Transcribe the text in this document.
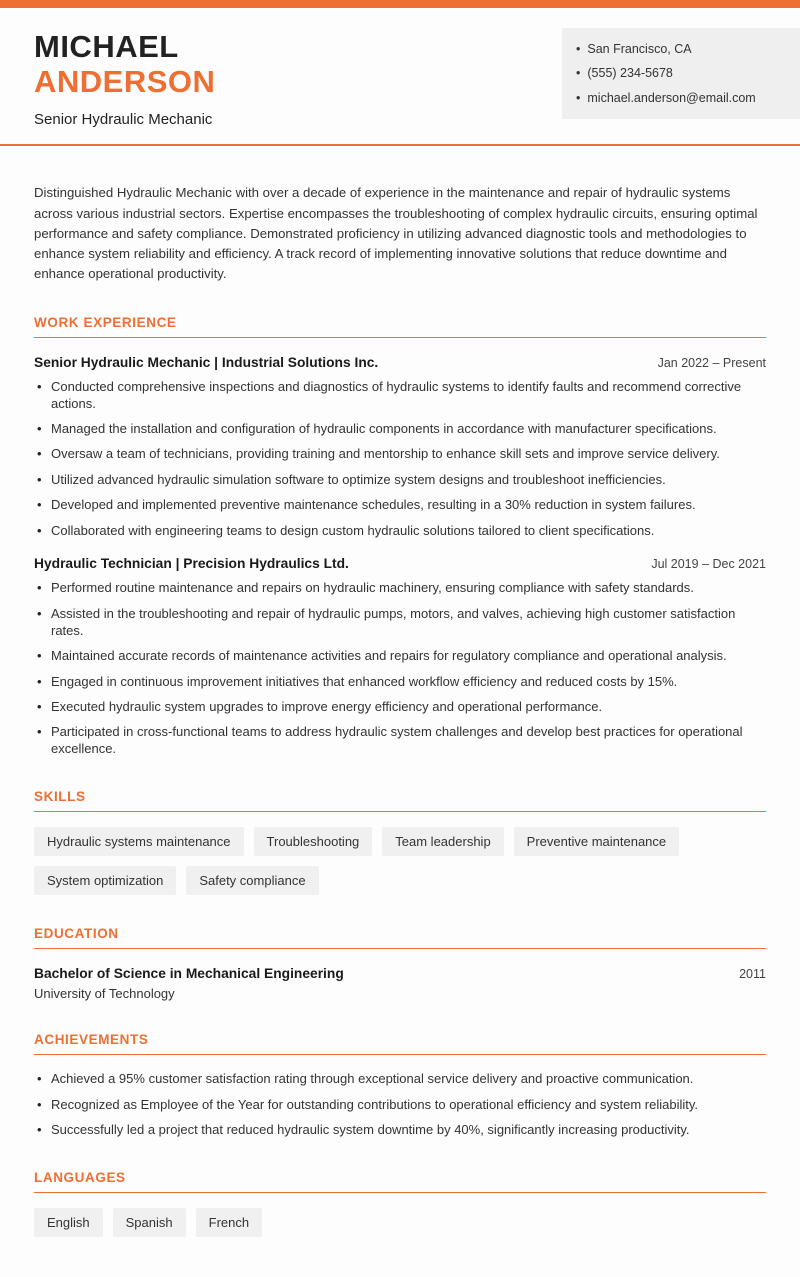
MICHAEL
ANDERSON
Senior Hydraulic Mechanic
• San Francisco, CA
• (555) 234-5678
• michael.anderson@email.com

Distinguished Hydraulic Mechanic with over a decade of experience in the maintenance and repair of hydraulic systems across various industrial sectors. Expertise encompasses the troubleshooting of complex hydraulic circuits, ensuring optimal performance and safety compliance. Demonstrated proficiency in utilizing advanced diagnostic tools and methodologies to enhance system reliability and efficiency. A track record of implementing innovative solutions that reduce downtime and enhance operational productivity.

WORK EXPERIENCE
Senior Hydraulic Mechanic | Industrial Solutions Inc.	Jan 2022 – Present
• Conducted comprehensive inspections and diagnostics of hydraulic systems to identify faults and recommend corrective actions.
• Managed the installation and configuration of hydraulic components in accordance with manufacturer specifications.
• Oversaw a team of technicians, providing training and mentorship to enhance skill sets and improve service delivery.
• Utilized advanced hydraulic simulation software to optimize system designs and troubleshoot inefficiencies.
• Developed and implemented preventive maintenance schedules, resulting in a 30% reduction in system failures.
• Collaborated with engineering teams to design custom hydraulic solutions tailored to client specifications.
Hydraulic Technician | Precision Hydraulics Ltd.	Jul 2019 – Dec 2021
• Performed routine maintenance and repairs on hydraulic machinery, ensuring compliance with safety standards.
• Assisted in the troubleshooting and repair of hydraulic pumps, motors, and valves, achieving high customer satisfaction rates.
• Maintained accurate records of maintenance activities and repairs for regulatory compliance and operational analysis.
• Engaged in continuous improvement initiatives that enhanced workflow efficiency and reduced costs by 15%.
• Executed hydraulic system upgrades to improve energy efficiency and operational performance.
• Participated in cross-functional teams to address hydraulic system challenges and develop best practices for operational excellence.
SKILLS
Hydraulic systems maintenance	Troubleshooting	Team leadership	Preventive maintenance
System optimization	Safety compliance
EDUCATION
Bachelor of Science in Mechanical Engineering	2011
University of Technology
ACHIEVEMENTS
• Achieved a 95% customer satisfaction rating through exceptional service delivery and proactive communication.
• Recognized as Employee of the Year for outstanding contributions to operational efficiency and system reliability.
• Successfully led a project that reduced hydraulic system downtime by 40%, significantly increasing productivity.
LANGUAGES
English	Spanish	French
